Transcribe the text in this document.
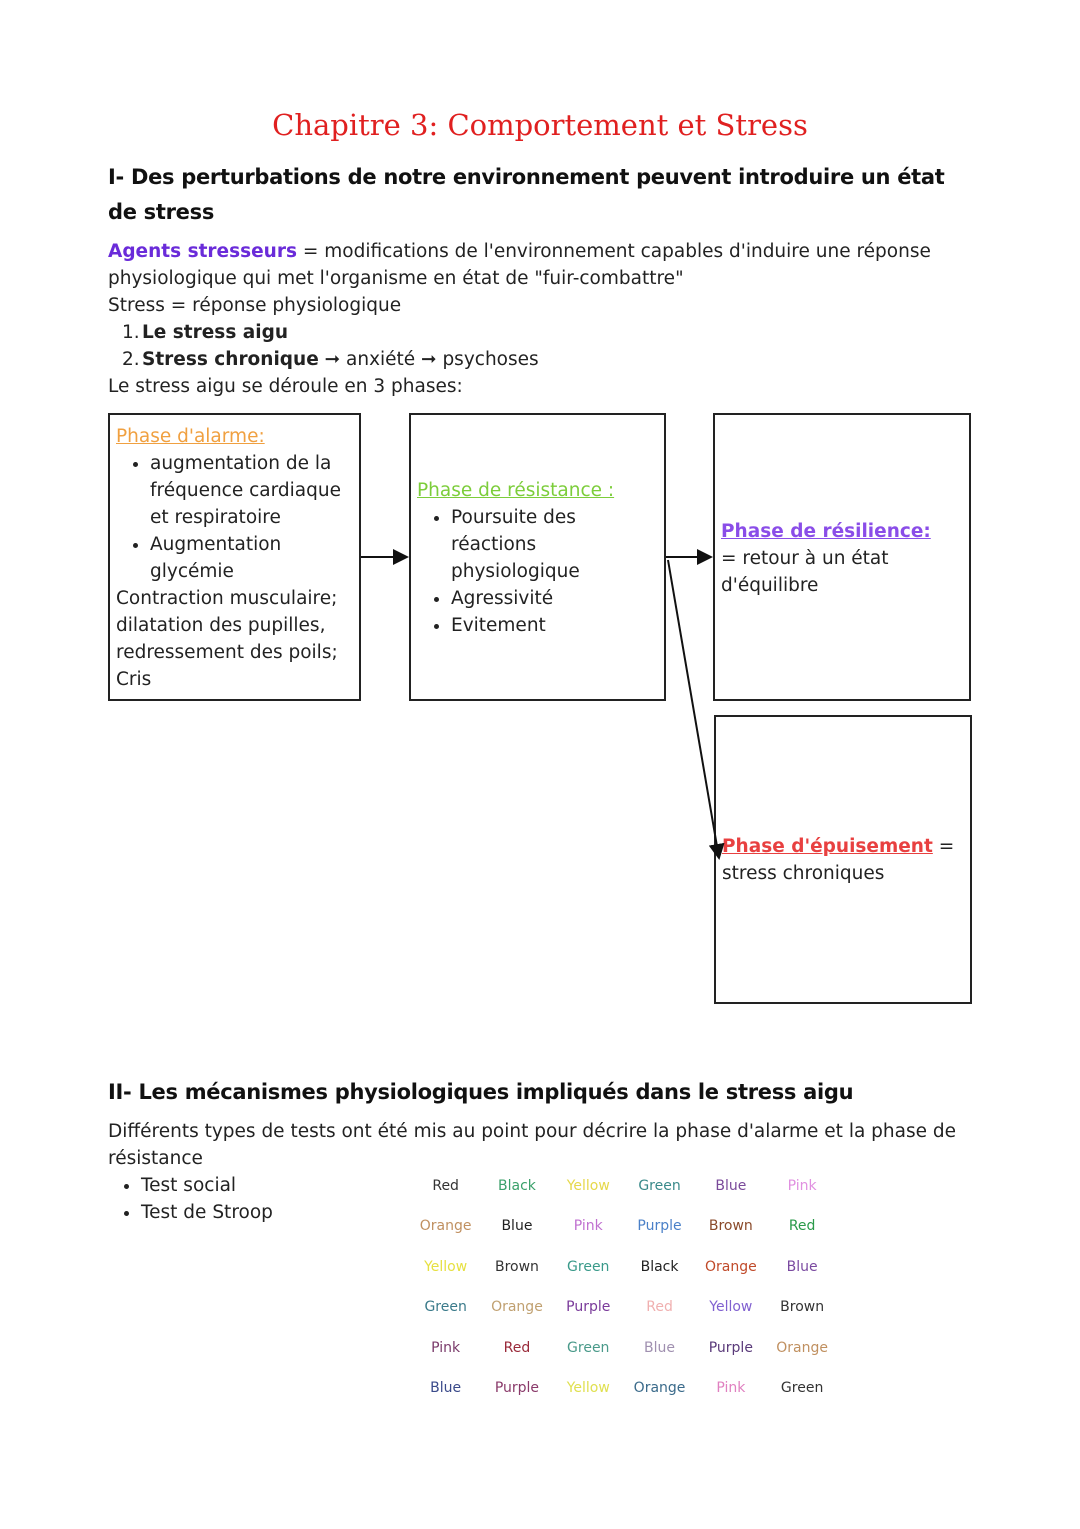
Chapitre 3: Comportement et Stress
I- Des perturbations de notre environnement peuvent introduire un état de stress

Agents stresseurs = modifications de l'environnement capables d'induire une réponse physiologique qui met l'organisme en état de "fuir-combattre"

Stress = réponse physiologique

1. Le stress aigu
2. Stress chronique ➞ anxiété ➞ psychoses

Le stress aigu se déroule en 3 phases:

Phase d'alarme:
• augmentation de la fréquence cardiaque et respiratoire
• Augmentation glycémie
Contraction musculaire; dilatation des pupilles, redressement des poils; Cris
Phase de résistance :
• Poursuite des réactions physiologique
• Agressivité
• Evitement
Phase de résilience:
= retour à un état d'équilibre
Phase d'épuisement =
stress chroniques
II- Les mécanismes physiologiques impliqués dans le stress aigu

Différents types de tests ont été mis au point pour décrire la phase d'alarme et la phase de résistance

• Test social
• Test de Stroop
Red	Black	Yellow	Green	Blue	Pink
Orange	Blue	Pink	Purple	Brown	Red
Yellow	Brown	Green	Black	Orange	Blue
Green	Orange	Purple	Red	Yellow	Brown
Pink	Red	Green	Blue	Purple	Orange
Blue	Purple	Yellow	Orange	Pink	Green
